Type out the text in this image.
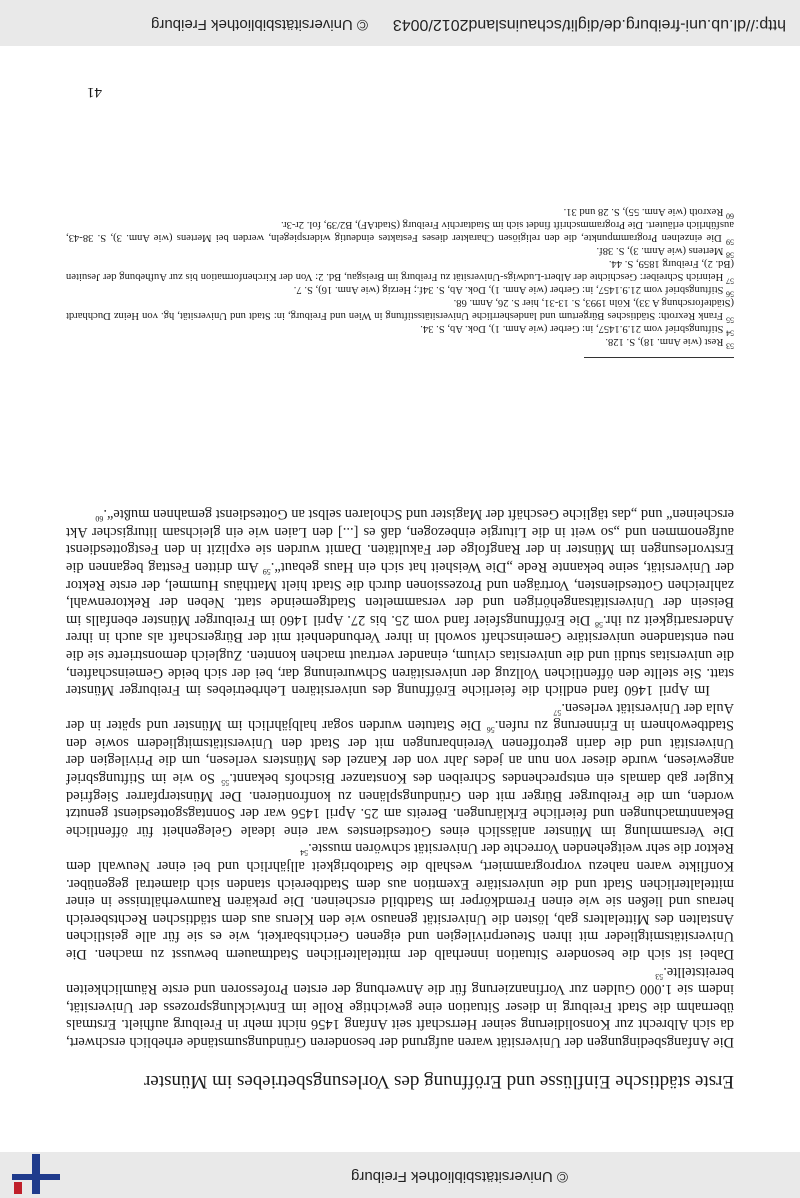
© Universitätsbibliothek Freiburg
Erste städtische Einflüsse und Eröffnung des Vorlesungsbetriebes im Münster

Die Anfangsbedingungen der Universität waren aufgrund der besonderen Gründungsumstände erheblich erschwert, da sich Albrecht zur Konsolidierung seiner Herrschaft seit Anfang 1456 nicht mehr in Freiburg aufhielt. Erstmals übernahm die Stadt Freiburg in dieser Situation eine gewichtige Rolle im Entwicklungsprozess der Universität, indem sie 1.000 Gulden zur Vorfinanzierung für die Anwerbung der ersten Professoren und erste Räumlichkeiten bereitstellte.$^{53}$

Dabei ist sich die besondere Situation innerhalb der mittelalterlichen Stadtmauern bewusst zu machen. Die Universitätsmitglieder mit ihren Steuerprivilegien und eigenen Gerichtsbarkeit, wie es sie für alle geistlichen Anstalten des Mittelalters gab, lösten die Universität genauso wie den Klerus aus dem städtischen Rechtsbereich heraus und ließen sie wie einen Fremdkörper im Stadtbild erscheinen. Die prekären Raumverhältnisse in einer mittelalterlichen Stadt und die universitäre Exemtion aus dem Stadtbereich standen sich diametral gegenüber. Konflikte waren nahezu vorprogrammiert, weshalb die Stadtobrigkeit alljährlich und bei einer Neuwahl dem Rektor die sehr weitgehenden Vorrechte der Universität schwören musste.$^{54}$

Die Versammlung im Münster anlässlich eines Gottesdienstes war eine ideale Gelegenheit für öffentliche Bekanntmachungen und feierliche Erklärungen. Bereits am 25. April 1456 war der Sonntagsgottesdienst genutzt worden, um die Freiburger Bürger mit den Gründungsplänen zu konfrontieren. Der Münsterpfarrer Siegfried Kugler gab damals ein entsprechendes Schreiben des Konstanzer Bischofs bekannt.$^{55}$ So wie im Stiftungsbrief angewiesen, wurde dieser von nun an jedes Jahr von der Kanzel des Münsters verlesen, um die Privilegien der Universität und die darin getroffenen Vereinbarungen mit der Stadt den Universitätsmitgliedern sowie den Stadtbewohnern in Erinnerung zu rufen.$^{56}$ Die Statuten wurden sogar halbjährlich im Münster und später in der Aula der Universität verlesen.$^{57}$

Im April 1460 fand endlich die feierliche Eröffnung des universitären Lehrbetriebes im Freiburger Münster statt. Sie stellte den öffentlichen Vollzug der universitären Schwureinung dar, bei der sich beide Gemeinschaften, die universitas studii und die universitas civium, einander vertraut machen konnten. Zugleich demonstrierte sie die neu entstandene universitäre Gemeinschaft sowohl in ihrer Verbundenheit mit der Bürgerschaft als auch in ihrer Andersartigkeit zu ihr.$^{58}$ Die Eröffnungsfeier fand vom 25. bis 27. April 1460 im Freiburger Münster ebenfalls im Beisein der Universitätsangehörigen und der versammelten Stadtgemeinde statt. Neben der Rektorenwahl, zahlreichen Gottesdiensten, Vorträgen und Prozessionen durch die Stadt hielt Matthäus Hummel, der erste Rektor der Universität, seine bekannte Rede „Die Weisheit hat sich ein Haus gebaut“.$^{59}$ Am dritten Festtag begannen die Erstvorlesungen im Münster in der Rangfolge der Fakultäten. Damit wurden sie explizit in den Festgottesdienst aufgenommen und „so weit in die Liturgie einbezogen, daß es [...] den Laien wie ein gleichsam liturgischer Akt erscheinen“ und „das tägliche Geschäft der Magister und Scholaren selbst an Gottesdienst gemahnen mußte“.$^{60}$

$^{53}$ Rest (wie Anm. 18), S. 128.

$^{54}$ Stiftungsbrief vom 21.9.1457, in: Gerber (wie Anm. 1), Dok. Ab, S. 34.

$^{55}$ Frank Rexroth: Städtisches Bürgertum und landesherrliche Universitätsstiftung in Wien und Freiburg, in: Stadt und Universität, hg. von Heinz Duchhardt (Städteforschung A 33), Köln 1993, S. 13-31, hier S. 26, Anm. 68.

$^{56}$ Stiftungsbrief vom 21.9.1457, in: Gerber (wie Anm. 1), Dok. Ab, S. 34f.; Herzig (wie Anm. 16), S. 7.

$^{57}$ Heinrich Schreiber: Geschichte der Albert-Ludwigs-Universität zu Freiburg im Breisgau, Bd. 2: Von der Kirchenformation bis zur Aufhebung der Jesuiten (Bd. 2), Freiburg 1859, S. 44.

$^{58}$ Mertens (wie Anm. 3), S. 38f.

$^{59}$ Die einzelnen Programmpunkte, die den religiösen Charakter dieses Festaktes eindeutig widerspiegeln, werden bei Mertens (wie Anm. 3), S. 38-43, ausführlich erläutert. Die Programmschrift findet sich im Stadtarchiv Freiburg (StadtAF), B2/39, fol. 2r-3r.

$^{60}$ Rexroth (wie Anm. 55), S. 28 und 31.

41
http://dl.ub.uni-freiburg.de/diglit/schauinsland2012/0043
© Universitätsbibliothek Freiburg
